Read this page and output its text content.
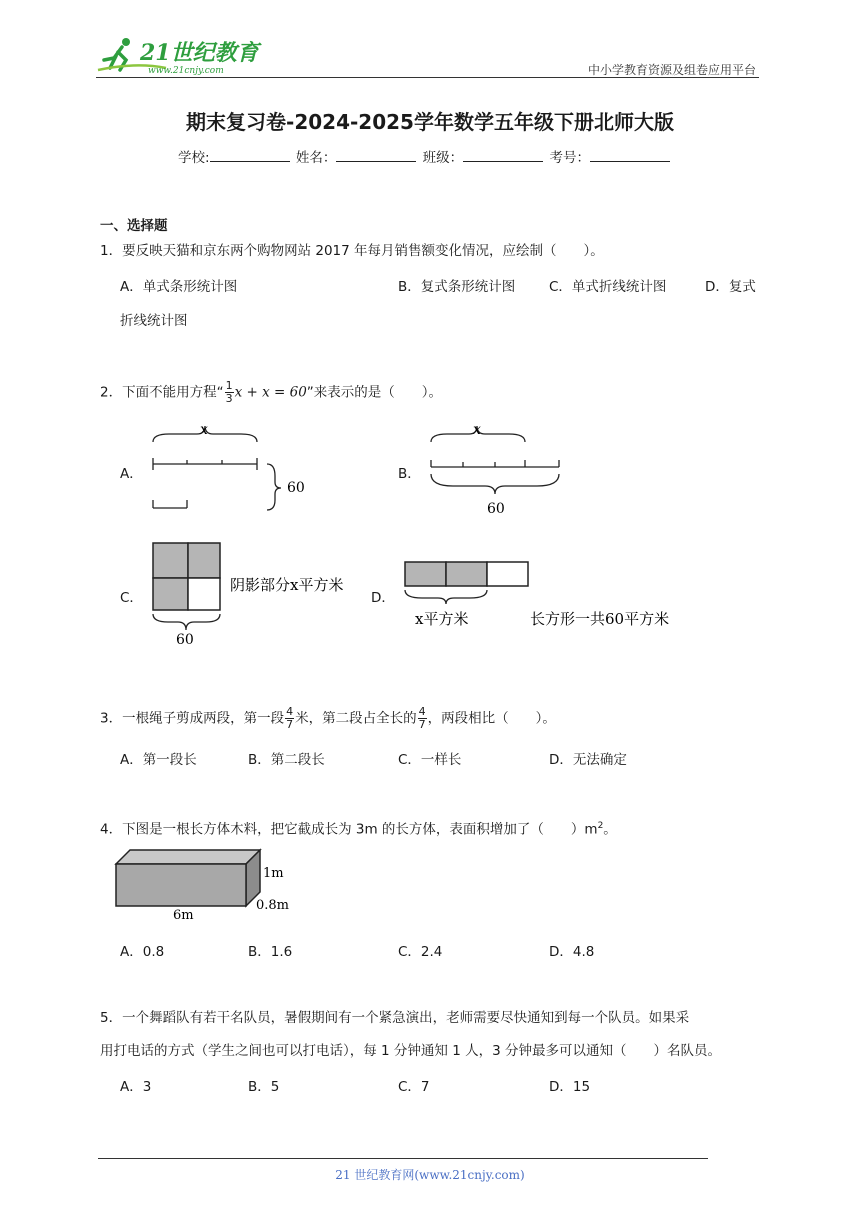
21世纪教育
www.21cnjy.com	中小学教育资源及组卷应用平台
期末复习卷-2024-2025学年数学五年级下册北师大版
学校:	姓名：	班级：	考号：
一、选择题
1．要反映天猫和京东两个购物网站 2017 年每月销售额变化情况，应绘制（　　）。
A．单式条形统计图	B．复式条形统计图 C．单式折线统计图	D．复式
折线统计图
2．下面不能用方程“ $\frac{1}{3}$ x + x = 60”来表示的是（　　）。
A．
x
60
B．
x
60
C．
60
阴影部分x平方米
D．
x平方米	长方形一共60平方米
3．一根绳子剪成两段，第一段 $\frac{4}{7}$ 米，第二段占全长的 $\frac{4}{7}$ ，两段相比（　　）。
A．第一段长	B．第二段长	C．一样长	D．无法确定
4．下图是一根长方体木料，把它截成长为 3m 的长方体，表面积增加了（　　）$m^2$。
1m
0.8m
6m
A．0.8	B．1.6	C．2.4	D．4.8
5．一个舞蹈队有若干名队员，暑假期间有一个紧急演出，老师需要尽快通知到每一个队员。如果采
用打电话的方式（学生之间也可以打电话），每 1 分钟通知 1 人，3 分钟最多可以通知（　　）名队员。
A．3	B．5	C．7	D．15
21 世纪教育网(www.21cnjy.com)
